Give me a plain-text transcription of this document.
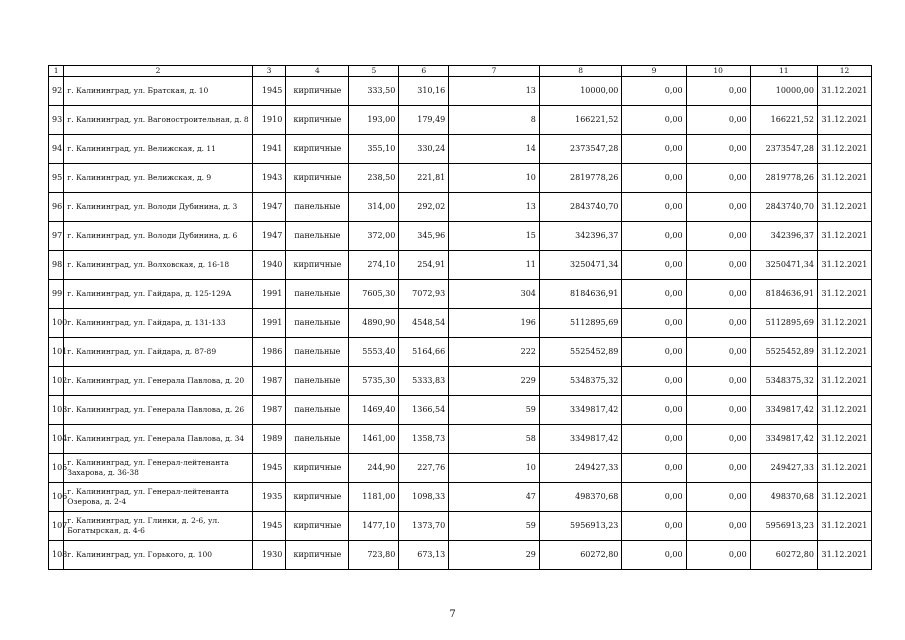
1	2	3	4	5	6	7	8	9	10	11	12
92	г. Калининград, ул. Братская, д. 10	1945	кирпичные	333,50	310,16	13	10000,00	0,00	0,00	10000,00	31.12.2021
93	г. Калининград, ул. Вагоностроительная, д. 8	1910	кирпичные	193,00	179,49	8	166221,52	0,00	0,00	166221,52	31.12.2021
94	г. Калининград, ул. Велижская, д. 11	1941	кирпичные	355,10	330,24	14	2373547,28	0,00	0,00	2373547,28	31.12.2021
95	г. Калининград, ул. Велижская, д. 9	1943	кирпичные	238,50	221,81	10	2819778,26	0,00	0,00	2819778,26	31.12.2021
96	г. Калининград, ул. Володи Дубинина, д. 3	1947	панельные	314,00	292,02	13	2843740,70	0,00	0,00	2843740,70	31.12.2021
97	г. Калининград, ул. Володи Дубинина, д. 6	1947	панельные	372,00	345,96	15	342396,37	0,00	0,00	342396,37	31.12.2021
98	г. Калининград, ул. Волховская, д. 16-18	1940	кирпичные	274,10	254,91	11	3250471,34	0,00	0,00	3250471,34	31.12.2021
99	г. Калининград, ул. Гайдара, д. 125-129А	1991	панельные	7605,30	7072,93	304	8184636,91	0,00	0,00	8184636,91	31.12.2021
100	г. Калининград, ул. Гайдара, д. 131-133	1991	панельные	4890,90	4548,54	196	5112895,69	0,00	0,00	5112895,69	31.12.2021
101	г. Калининград, ул. Гайдара, д. 87-89	1986	панельные	5553,40	5164,66	222	5525452,89	0,00	0,00	5525452,89	31.12.2021
102	г. Калининград, ул. Генерала Павлова, д. 20	1987	панельные	5735,30	5333,83	229	5348375,32	0,00	0,00	5348375,32	31.12.2021
103	г. Калининград, ул. Генерала Павлова, д. 26	1987	панельные	1469,40	1366,54	59	3349817,42	0,00	0,00	3349817,42	31.12.2021
104	г. Калининград, ул. Генерала Павлова, д. 34	1989	панельные	1461,00	1358,73	58	3349817,42	0,00	0,00	3349817,42	31.12.2021
105	г. Калининград, ул. Генерал-лейтенанта Захарова, д. 36-38	1945	кирпичные	244,90	227,76	10	249427,33	0,00	0,00	249427,33	31.12.2021
106	г. Калининград, ул. Генерал-лейтенанта Озерова, д. 2-4	1935	кирпичные	1181,00	1098,33	47	498370,68	0,00	0,00	498370,68	31.12.2021
107	г. Калининград, ул. Глинки, д. 2-6, ул. Богатырская, д. 4-6	1945	кирпичные	1477,10	1373,70	59	5956913,23	0,00	0,00	5956913,23	31.12.2021
108	г. Калининград, ул. Горького, д. 100	1930	кирпичные	723,80	673,13	29	60272,80	0,00	0,00	60272,80	31.12.2021
7
